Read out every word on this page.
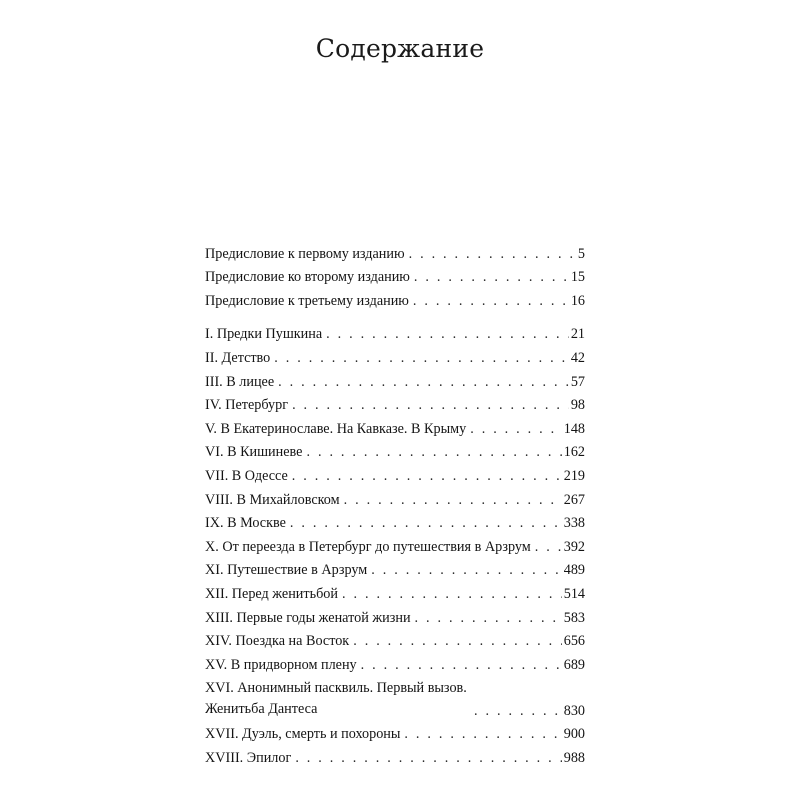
Содержание
Предисловие к первому изданию . . .	5
Предисловие ко второму изданию . . .	15
Предисловие к третьему изданию . . .	16
I. Предки Пушкина . . .	21
II. Детство . . .	42
III. В лицее . . .	57
IV. Петербург . . .	98
V. В Екатеринославе. На Кавказе. В Крыму . . .	148
VI. В Кишиневе . . .	162
VII. В Одессе . . .	219
VIII. В Михайловском . . .	267
IX. В Москве . . .	338
X. От переезда в Петербург до путешествия в Арзрум . . . 392
XI. Путешествие в Арзрум . . .	489
XII. Перед женитьбой . . .	514
XIII. Первые годы женатой жизни . . .	583
XIV. Поездка на Восток . . .	656
XV. В придворном плену . . .	689
XVI. Анонимный пасквиль. Первый вызов. Женитьба Дантеса . . .	830
XVII. Дуэль, смерть и похороны . . .	900
XVIII. Эпилог . . .	988
